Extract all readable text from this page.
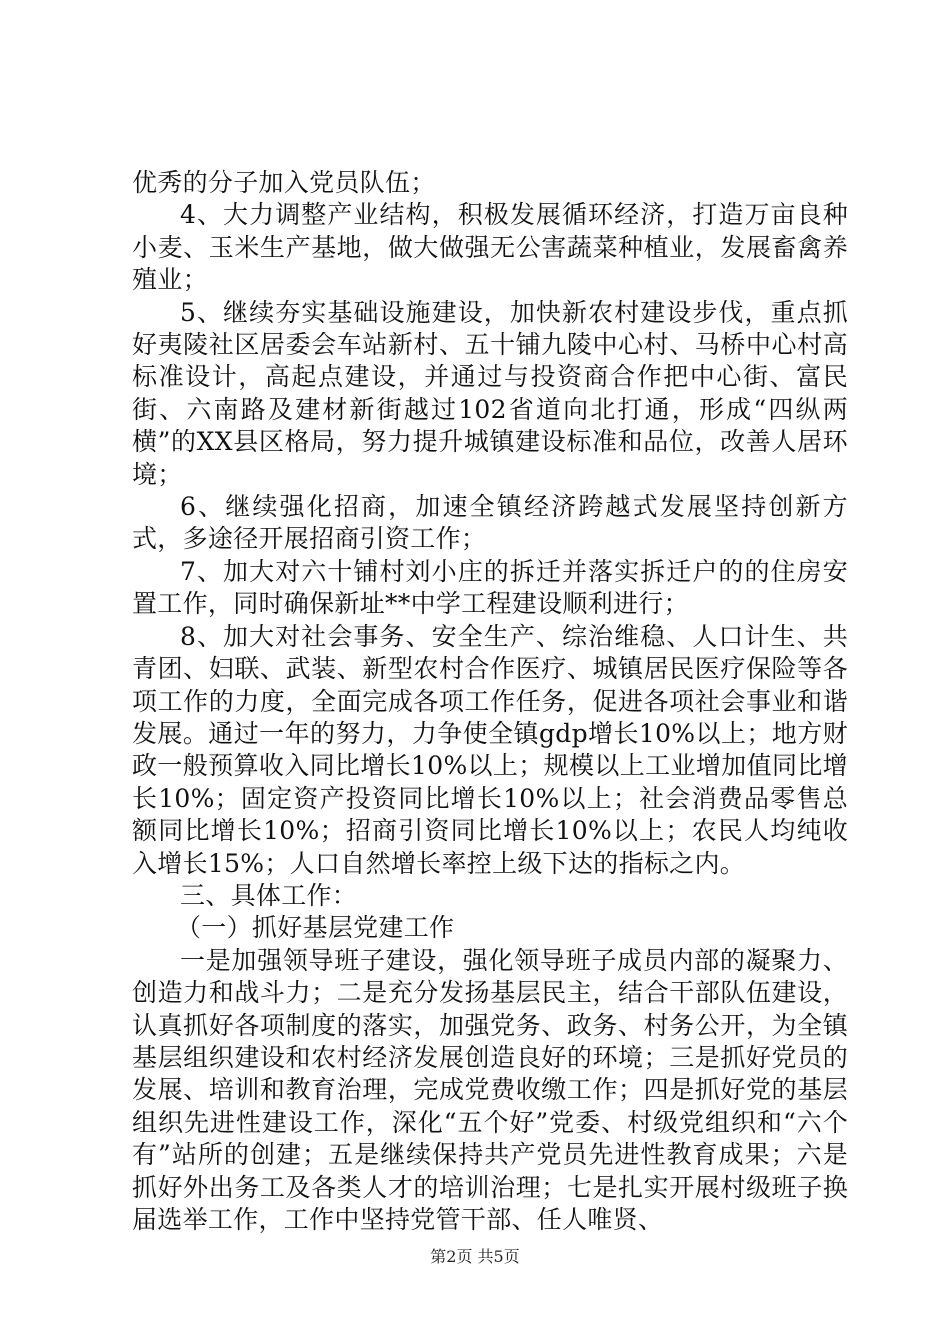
优秀的分子加入党员队伍；

4、大力调整产业结构，积极发展循环经济，打造万亩良种小麦、玉米生产基地，做大做强无公害蔬菜种植业，发展畜禽养殖业；

5、继续夯实基础设施建设，加快新农村建设步伐，重点抓好夷陵社区居委会车站新村、五十铺九陵中心村、马桥中心村高标准设计，高起点建设，并通过与投资商合作把中心街、富民街、六南路及建材新街越过102省道向北打通，形成“四纵两横”的XX县区格局，努力提升城镇建设标准和品位，改善人居环境；

6、继续强化招商，加速全镇经济跨越式发展坚持创新方式，多途径开展招商引资工作；

7、加大对六十铺村刘小庄的拆迁并落实拆迁户的的住房安置工作，同时确保新址**中学工程建设顺利进行；

8、加大对社会事务、安全生产、综治维稳、人口计生、共青团、妇联、武装、新型农村合作医疗、城镇居民医疗保险等各项工作的力度，全面完成各项工作任务，促进各项社会事业和谐发展。通过一年的努力，力争使全镇gdp增长10%以上；地方财政一般预算收入同比增长10%以上；规模以上工业增加值同比增长10%；固定资产投资同比增长10%以上；社会消费品零售总额同比增长10%；招商引资同比增长10%以上；农民人均纯收入增长15%；人口自然增长率控上级下达的指标之内。

三、具体工作：

（一）抓好基层党建工作

一是加强领导班子建设，强化领导班子成员内部的凝聚力、创造力和战斗力；二是充分发扬基层民主，结合干部队伍建设，认真抓好各项制度的落实，加强党务、政务、村务公开，为全镇基层组织建设和农村经济发展创造良好的环境；三是抓好党员的发展、培训和教育治理，完成党费收缴工作；四是抓好党的基层组织先进性建设工作，深化“五个好”党委、村级党组织和“六个有”站所的创建；五是继续保持共产党员先进性教育成果；六是抓好外出务工及各类人才的培训治理；七是扎实开展村级班子换届选举工作，工作中坚持党管干部、任人唯贤、

第2页 共5页
